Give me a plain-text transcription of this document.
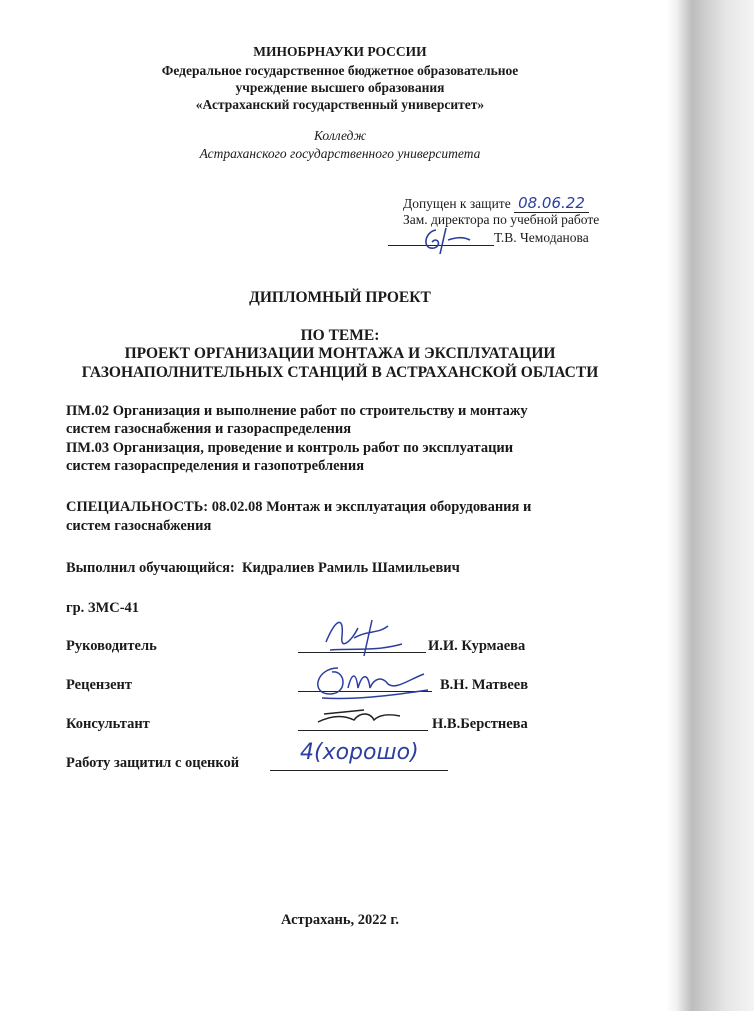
МИНОБРНАУКИ РОССИИ
Федеральное государственное бюджетное образовательное
учреждение высшего образования
«Астраханский государственный университет»
Колледж
Астраханского государственного университета
Допущен к защите 08.06.22
Зам. директора по учебной работе
Т.В. Чемоданова
ДИПЛОМНЫЙ ПРОЕКТ
ПО ТЕМЕ:
ПРОЕКТ ОРГАНИЗАЦИИ МОНТАЖА И ЭКСПЛУАТАЦИИ
ГАЗОНАПОЛНИТЕЛЬНЫХ СТАНЦИЙ В АСТРАХАНСКОЙ ОБЛАСТИ
ПМ.02 Организация и выполнение работ по строительству и монтажу
систем газоснабжения и газораспределения
ПМ.03 Организация, проведение и контроль работ по эксплуатации
систем газораспределения и газопотребления
СПЕЦИАЛЬНОСТЬ: 08.02.08 Монтаж и эксплуатация оборудования и
систем газоснабжения
Выполнил обучающийся: Кидралиев Рамиль Шамильевич
гр. ЗМС-41
Руководитель	И.И. Курмаева
Рецензент	В.Н. Матвеев
Консультант	Н.В.Берстнева
Работу защитил с оценкой	4(хорошо)
Астрахань, 2022 г.
